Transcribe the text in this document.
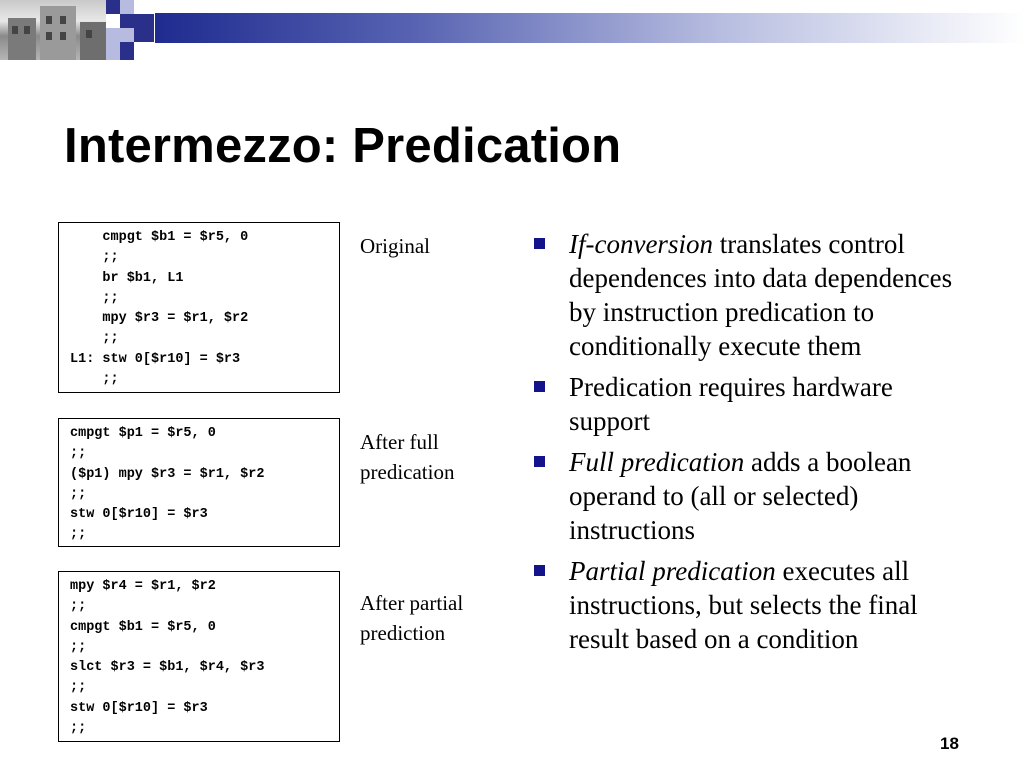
Intermezzo: Predication
cmpgt $b1 = $r5, 0
;;
br $b1, L1
;;
mpy $r3 = $r1, $r2
;;
L1: stw 0[$r10] = $r3
;;
Original
cmpgt $p1 = $r5, 0
;;
($p1) mpy $r3 = $r1, $r2
;;
stw 0[$r10] = $r3
;;
After full
predication
mpy $r4 = $r1, $r2
;;
cmpgt $b1 = $r5, 0
;;
slct $r3 = $b1, $r4, $r3
;;
stw 0[$r10] = $r3
;;
After partial
prediction
If-conversion translates control dependences into data dependences by instruction predication to conditionally execute them
Predication requires hardware support
Full predication adds a boolean operand to (all or selected) instructions
Partial predication executes all instructions, but selects the final result based on a condition
18
